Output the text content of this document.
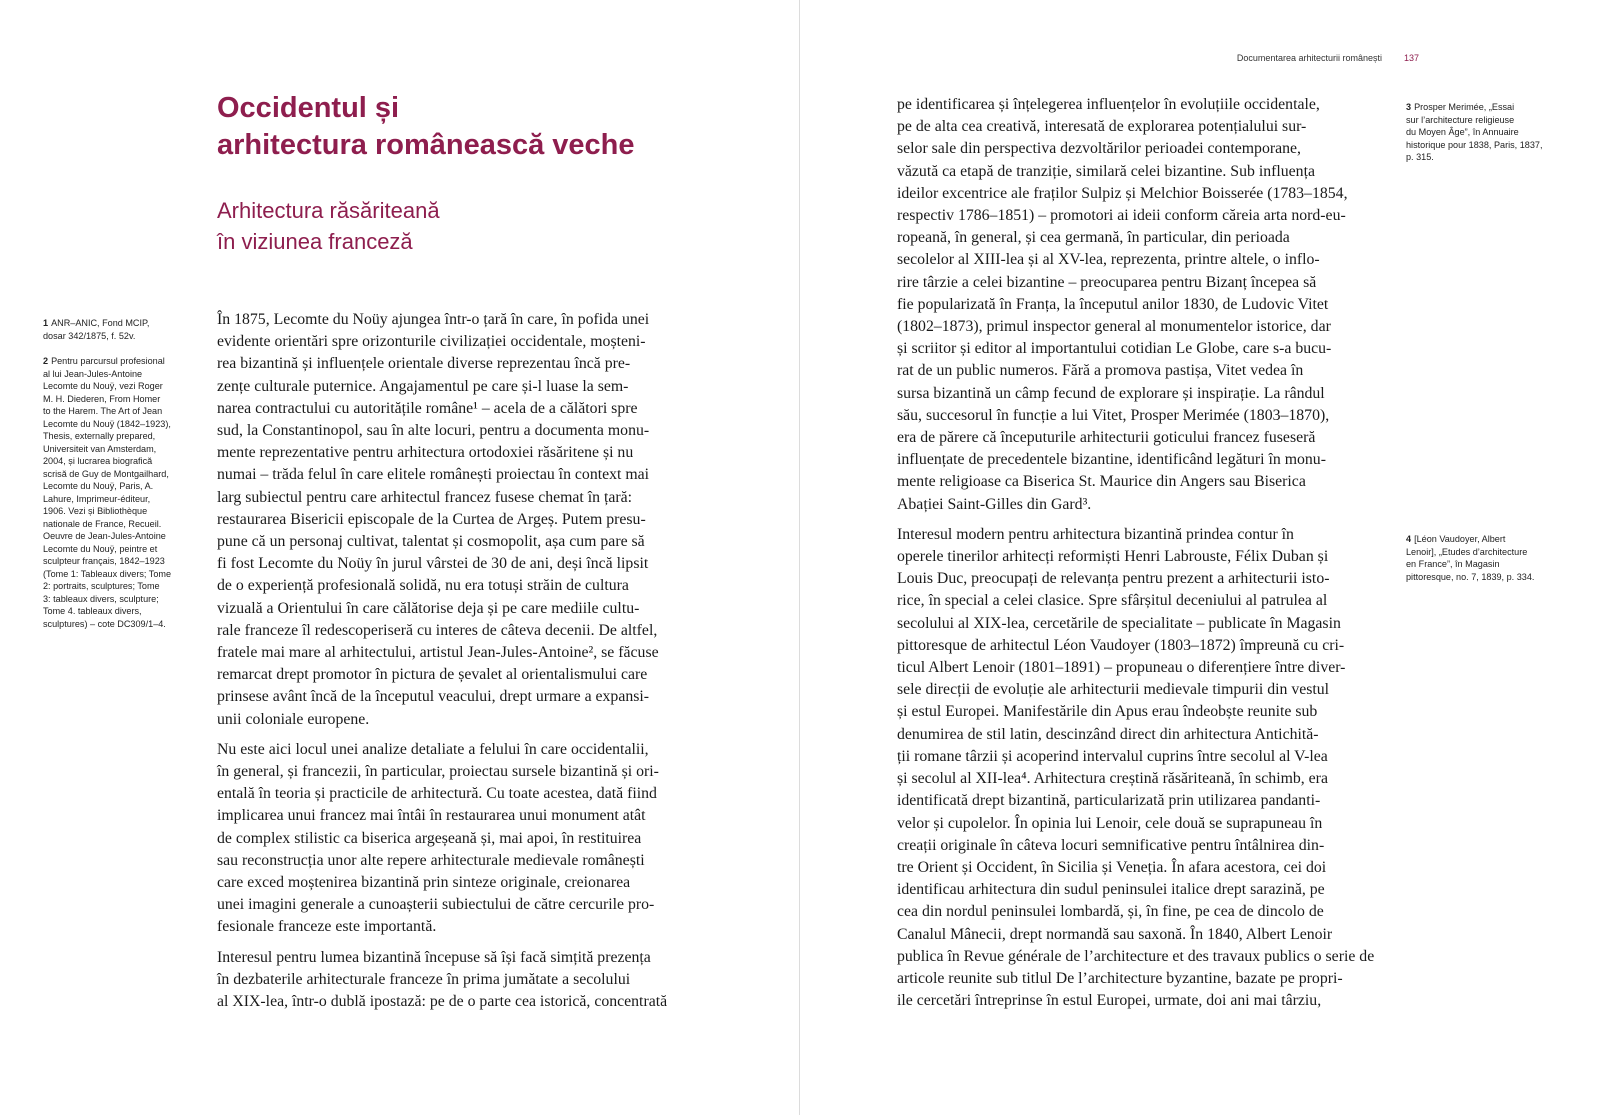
Occidentul și
arhitectura românească veche
Arhitectura răsăriteană
în viziunea franceză
1 ANR–ANIC, Fond MCIP,
dosar 342/1875, f. 52v.
2 Pentru parcursul profesional
al lui Jean-Jules-Antoine
Lecomte du Nouÿ, vezi Roger
M. H. Diederen, From Homer
to the Harem. The Art of Jean
Lecomte du Nouÿ (1842–1923),
Thesis, externally prepared,
Universiteit van Amsterdam,
2004, și lucrarea biografică
scrisă de Guy de Montgailhard,
Lecomte du Nouÿ, Paris, A.
Lahure, Imprimeur-éditeur,
1906. Vezi și Bibliothèque
nationale de France, Recueil.
Oeuvre de Jean-Jules-Antoine
Lecomte du Nouÿ, peintre et
sculpteur français, 1842–1923
(Tome 1: Tableaux divers; Tome
2: portraits, sculptures; Tome
3: tableaux divers, sculpture;
Tome 4. tableaux divers,
sculptures) – cote DC309/1–4.

În 1875, Lecomte du Noüy ajungea într-o țară în care, în pofida unei
evidente orientări spre orizonturile civilizației occidentale, moșteni-
rea bizantină și influențele orientale diverse reprezentau încă pre-
zențe culturale puternice. Angajamentul pe care și-l luase la sem-
narea contractului cu autoritățile române¹ – acela de a călători spre
sud, la Constantinopol, sau în alte locuri, pentru a documenta monu-
mente reprezentative pentru arhitectura ortodoxiei răsăritene și nu
numai – trăda felul în care elitele românești proiectau în context mai
larg subiectul pentru care arhitectul francez fusese chemat în țară:
restaurarea Bisericii episcopale de la Curtea de Argeș. Putem presu-
pune că un personaj cultivat, talentat și cosmopolit, așa cum pare să
fi fost Lecomte du Noüy în jurul vârstei de 30 de ani, deși încă lipsit
de o experiență profesională solidă, nu era totuși străin de cultura
vizuală a Orientului în care călătorise deja și pe care mediile cultu-
rale franceze îl redescoperiseră cu interes de câteva decenii. De altfel,
fratele mai mare al arhitectului, artistul Jean-Jules-Antoine², se făcuse
remarcat drept promotor în pictura de șevalet al orientalismului care
prinsese avânt încă de la începutul veacului, drept urmare a expansi-
unii coloniale europene.

Nu este aici locul unei analize detaliate a felului în care occidentalii,
în general, și francezii, în particular, proiectau sursele bizantină și ori-
entală în teoria și practicile de arhitectură. Cu toate acestea, dată fiind
implicarea unui francez mai întâi în restaurarea unui monument atât
de complex stilistic ca biserica argeșeană și, mai apoi, în restituirea
sau reconstrucția unor alte repere arhitecturale medievale românești
care exced moștenirea bizantină prin sinteze originale, creionarea
unei imagini generale a cunoașterii subiectului de către cercurile pro-
fesionale franceze este importantă.

Interesul pentru lumea bizantină începuse să își facă simțită prezența
în dezbaterile arhitecturale franceze în prima jumătate a secolului
al XIX-lea, într-o dublă ipostază: pe de o parte cea istorică, concentrată

Documentarea arhitecturii românești 137

pe identificarea și înțelegerea influențelor în evoluțiile occidentale,
pe de alta cea creativă, interesată de explorarea potențialului sur-
selor sale din perspectiva dezvoltărilor perioadei contemporane,
văzută ca etapă de tranziție, similară celei bizantine. Sub influența
ideilor excentrice ale fraților Sulpiz și Melchior Boisserée (1783–1854,
respectiv 1786–1851) – promotori ai ideii conform căreia arta nord-eu-
ropeană, în general, și cea germană, în particular, din perioada
secolelor al XIII-lea și al XV-lea, reprezenta, printre altele, o inflo-
rire târzie a celei bizantine – preocuparea pentru Bizanț începea să
fie popularizată în Franța, la începutul anilor 1830, de Ludovic Vitet
(1802–1873), primul inspector general al monumentelor istorice, dar
și scriitor și editor al importantului cotidian Le Globe, care s-a bucu-
rat de un public numeros. Fără a promova pastișa, Vitet vedea în
sursa bizantină un câmp fecund de explorare și inspirație. La rândul
său, succesorul în funcție a lui Vitet, Prosper Merimée (1803–1870),
era de părere că începuturile arhitecturii goticului francez fuseseră
influențate de precedentele bizantine, identificând legături în monu-
mente religioase ca Biserica St. Maurice din Angers sau Biserica
Abației Saint-Gilles din Gard³.

Interesul modern pentru arhitectura bizantină prindea contur în
operele tinerilor arhitecți reformiști Henri Labrouste, Félix Duban și
Louis Duc, preocupați de relevanța pentru prezent a arhitecturii isto-
rice, în special a celei clasice. Spre sfârșitul deceniului al patrulea al
secolului al XIX-lea, cercetările de specialitate – publicate în Magasin
pittoresque de arhitectul Léon Vaudoyer (1803–1872) împreună cu cri-
ticul Albert Lenoir (1801–1891) – propuneau o diferențiere între diver-
sele direcții de evoluție ale arhitecturii medievale timpurii din vestul
și estul Europei. Manifestările din Apus erau îndeobște reunite sub
denumirea de stil latin, descinzând direct din arhitectura Antichită-
ții romane târzii și acoperind intervalul cuprins între secolul al V-lea
și secolul al XII-lea⁴. Arhitectura creștină răsăriteană, în schimb, era
identificată drept bizantină, particularizată prin utilizarea pandanti-
velor și cupolelor. În opinia lui Lenoir, cele două se suprapuneau în
creații originale în câteva locuri semnificative pentru întâlnirea din-
tre Orient și Occident, în Sicilia și Veneția. În afara acestora, cei doi
identificau arhitectura din sudul peninsulei italice drept sarazină, pe
cea din nordul peninsulei lombardă, și, în fine, pe cea de dincolo de
Canalul Mânecii, drept normandă sau saxonă. În 1840, Albert Lenoir
publica în Revue générale de l’architecture et des travaux publics o serie de
articole reunite sub titlul De l’architecture byzantine, bazate pe propri-
ile cercetări întreprinse în estul Europei, urmate, doi ani mai târziu,

3 Prosper Merimée, „Essai
sur l’architecture religieuse
du Moyen Âge”, în Annuaire
historique pour 1838, Paris, 1837,
p. 315.
4 [Léon Vaudoyer, Albert
Lenoir], „Etudes d’architecture
en France”, în Magasin
pittoresque, no. 7, 1839, p. 334.
